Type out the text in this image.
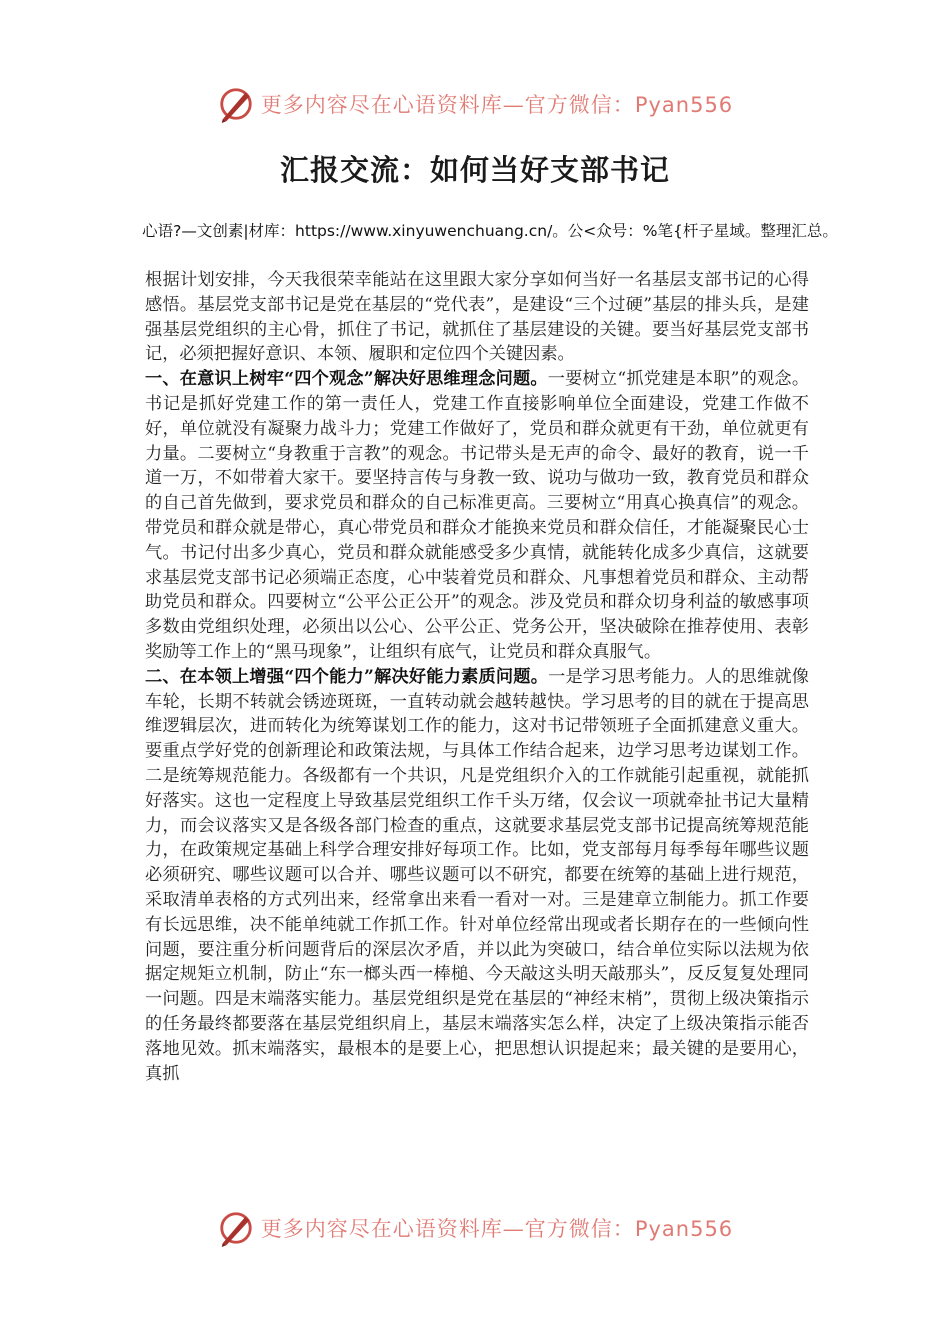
更多内容尽在心语资料库—官方微信：Pyan556
汇报交流：如何当好支部书记
心语?—文创素|材库：https://www.xinyuwenchuang.cn/。公<众号：%笔{杆子星域。整理汇总。

根据计划安排，今天我很荣幸能站在这里跟大家分享如何当好一名基层支部书记的心得感悟。基层党支部书记是党在基层的“党代表”，是建设“三个过硬”基层的排头兵，是建强基层党组织的主心骨，抓住了书记，就抓住了基层建设的关键。要当好基层党支部书记，必须把握好意识、本领、履职和定位四个关键因素。

一、在意识上树牢“四个观念”解决好思维理念问题。一要树立“抓党建是本职”的观念。书记是抓好党建工作的第一责任人，党建工作直接影响单位全面建设，党建工作做不好，单位就没有凝聚力战斗力；党建工作做好了，党员和群众就更有干劲，单位就更有力量。二要树立“身教重于言教”的观念。书记带头是无声的命令、最好的教育，说一千道一万，不如带着大家干。要坚持言传与身教一致、说功与做功一致，教育党员和群众的自己首先做到，要求党员和群众的自己标准更高。三要树立“用真心换真信”的观念。带党员和群众就是带心，真心带党员和群众才能换来党员和群众信任，才能凝聚民心士气。书记付出多少真心，党员和群众就能感受多少真情，就能转化成多少真信，这就要求基层党支部书记必须端正态度，心中装着党员和群众、凡事想着党员和群众、主动帮助党员和群众。四要树立“公平公正公开”的观念。涉及党员和群众切身利益的敏感事项多数由党组织处理，必须出以公心、公平公正、党务公开，坚决破除在推荐使用、表彰奖励等工作上的“黑马现象”，让组织有底气，让党员和群众真服气。

二、在本领上增强“四个能力”解决好能力素质问题。一是学习思考能力。人的思维就像车轮，长期不转就会锈迹斑斑，一直转动就会越转越快。学习思考的目的就在于提高思维逻辑层次，进而转化为统筹谋划工作的能力，这对书记带领班子全面抓建意义重大。要重点学好党的创新理论和政策法规，与具体工作结合起来，边学习思考边谋划工作。二是统筹规范能力。各级都有一个共识，凡是党组织介入的工作就能引起重视，就能抓好落实。这也一定程度上导致基层党组织工作千头万绪，仅会议一项就牵扯书记大量精力，而会议落实又是各级各部门检查的重点，这就要求基层党支部书记提高统筹规范能力，在政策规定基础上科学合理安排好每项工作。比如，党支部每月每季每年哪些议题必须研究、哪些议题可以合并、哪些议题可以不研究，都要在统筹的基础上进行规范，采取清单表格的方式列出来，经常拿出来看一看对一对。三是建章立制能力。抓工作要有长远思维，决不能单纯就工作抓工作。针对单位经常出现或者长期存在的一些倾向性问题，要注重分析问题背后的深层次矛盾，并以此为突破口，结合单位实际以法规为依据定规矩立机制，防止“东一榔头西一棒槌、今天敲这头明天敲那头”，反反复复处理同一问题。四是末端落实能力。基层党组织是党在基层的“神经末梢”，贯彻上级决策指示的任务最终都要落在基层党组织肩上，基层末端落实怎么样，决定了上级决策指示能否落地见效。抓末端落实，最根本的是要上心，把思想认识提起来；最关键的是要用心，真抓

更多内容尽在心语资料库—官方微信：Pyan556
